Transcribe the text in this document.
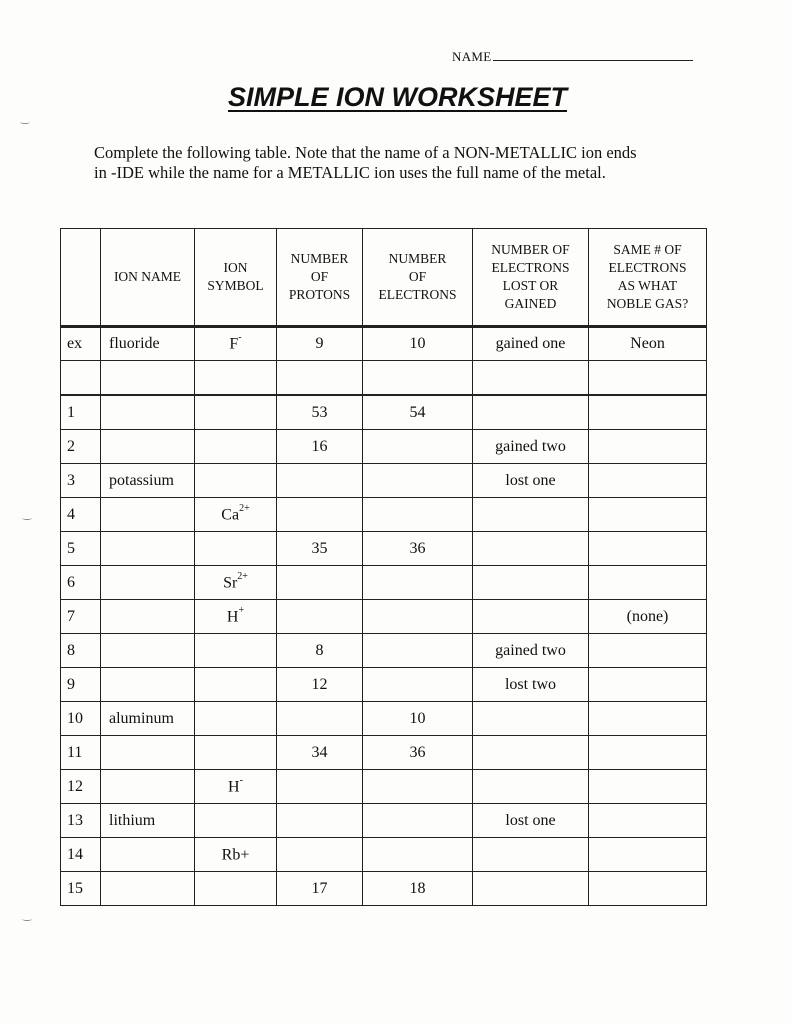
NAME
SIMPLE ION WORKSHEET
Complete the following table. Note that the name of a NON-METALLIC ion ends
in -IDE while the name for a METALLIC ion uses the full name of the metal.
	ION NAME	ION
SYMBOL	NUMBER
OF
PROTONS	NUMBER
OF
ELECTRONS	NUMBER OF
ELECTRONS
LOST OR
GAINED	SAME # OF
ELECTRONS
AS WHAT
NOBLE GAS?
ex	fluoride	F-	9	10	gained one	Neon

1			53	54		
2			16		gained two	
3	potassium				lost one	
4		$Ca^{2+}$				
5			35	36		
6		$Sr^{2+}$				
7		H+				(none)
8			8		gained two	
9			12		lost two	
10	aluminum			10		
11			34	36		
12		H-				
13	lithium				lost one	
14		Rb+				
15			17	18		
